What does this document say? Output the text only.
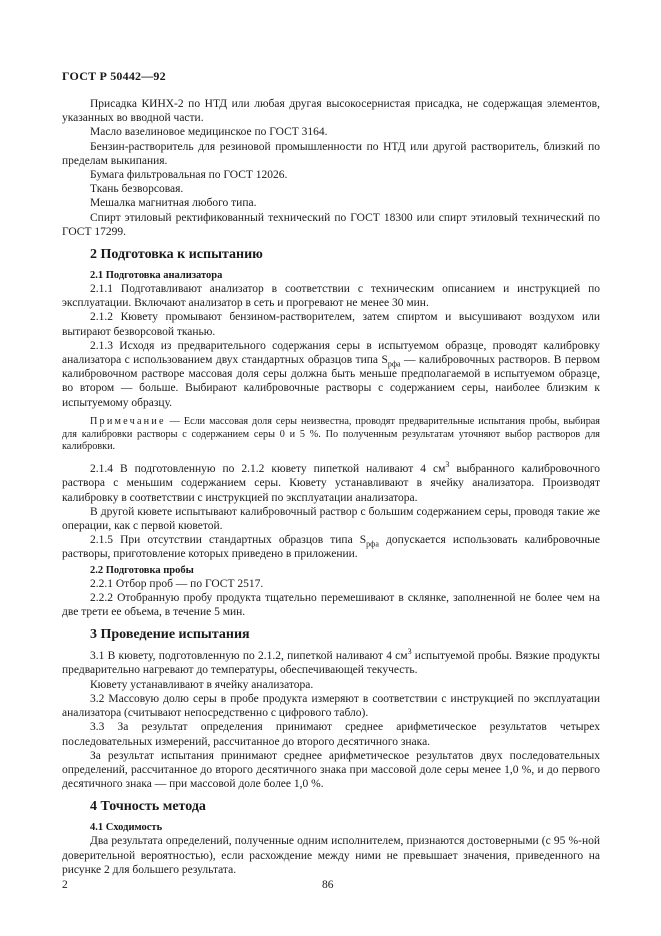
ГОСТ Р 50442—92

Присадка КИНХ-2 по НТД или любая другая высокосернистая присадка, не содержащая элементов, указанных во вводной части.

Масло вазелиновое медицинское по ГОСТ 3164.

Бензин-растворитель для резиновой промышленности по НТД или другой растворитель, близкий по пределам выкипания.

Бумага фильтровальная по ГОСТ 12026.

Ткань безворсовая.

Мешалка магнитная любого типа.

Спирт этиловый ректификованный технический по ГОСТ 18300 или спирт этиловый технический по ГОСТ 17299.

2 Подготовка к испытанию
2.1 Подготовка анализатора

2.1.1 Подготавливают анализатор в соответствии с техническим описанием и инструкцией по эксплуатации. Включают анализатор в сеть и прогревают не менее 30 мин.

2.1.2 Кювету промывают бензином-растворителем, затем спиртом и высушивают воздухом или вытирают безворсовой тканью.

2.1.3 Исходя из предварительного содержания серы в испытуемом образце, проводят калибровку анализатора с использованием двух стандартных образцов типа $S_{рфа}$ — калибровочных растворов. В первом калибровочном растворе массовая доля серы должна быть меньше предполагаемой в испытуемом образце, во втором — больше. Выбирают калибровочные растворы с содержанием серы, наиболее близким к испытуемому образцу.

Примечание — Если массовая доля серы неизвестна, проводят предварительные испытания пробы, выбирая для калибровки растворы с содержанием серы 0 и 5 %. По полученным результатам уточняют выбор растворов для калибровки.

2.1.4 В подготовленную по 2.1.2 кювету пипеткой наливают 4 $см^3$ выбранного калибровочного раствора с меньшим содержанием серы. Кювету устанавливают в ячейку анализатора. Производят калибровку в соответствии с инструкцией по эксплуатации анализатора.

В другой кювете испытывают калибровочный раствор с большим содержанием серы, проводя такие же операции, как с первой кюветой.

2.1.5 При отсутствии стандартных образцов типа $S_{рфа}$ допускается использовать калибровочные растворы, приготовление которых приведено в приложении.

2.2 Подготовка пробы

2.2.1 Отбор проб — по ГОСТ 2517.

2.2.2 Отобранную пробу продукта тщательно перемешивают в склянке, заполненной не более чем на две трети ее объема, в течение 5 мин.

3 Проведение испытания

3.1 В кювету, подготовленную по 2.1.2, пипеткой наливают 4 $см^3$ испытуемой пробы. Вязкие продукты предварительно нагревают до температуры, обеспечивающей текучесть.

Кювету устанавливают в ячейку анализатора.

3.2 Массовую долю серы в пробе продукта измеряют в соответствии с инструкцией по эксплуатации анализатора (считывают непосредственно с цифрового табло).

3.3 За результат определения принимают среднее арифметическое результатов четырех последовательных измерений, рассчитанное до второго десятичного знака.

За результат испытания принимают среднее арифметическое результатов двух последовательных определений, рассчитанное до второго десятичного знака при массовой доле серы менее 1,0 %, и до первого десятичного знака — при массовой доле более 1,0 %.

4 Точность метода
4.1 Сходимость

Два результата определений, полученные одним исполнителем, признаются достоверными (с 95 %-ной доверительной вероятностью), если расхождение между ними не превышает значения, приведенного на рисунке 2 для большего результата.

2	86
